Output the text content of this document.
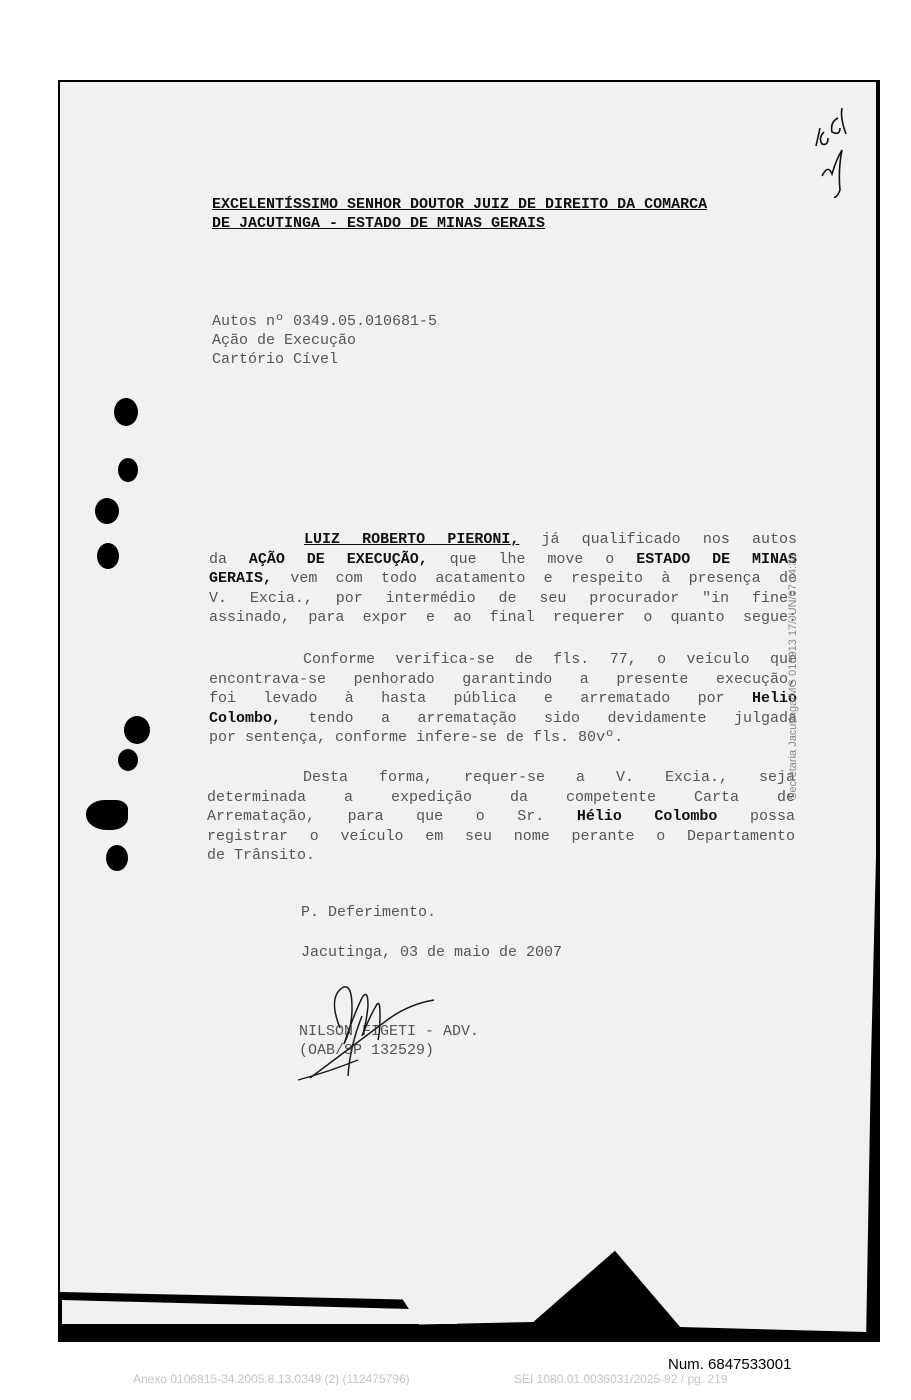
EXCELENTÍSSIMO SENHOR DOUTOR JUIZ DE DIREITO DA COMARCA
DE JACUTINGA - ESTADO DE MINAS GERAIS
Autos nº 0349.05.010681-5
Ação de Execução
Cartório Cível
LUIZ ROBERTO PIERONI, já qualificado nos autos
da AÇÃO DE EXECUÇÃO, que lhe move o ESTADO DE MINAS
GERAIS, vem com todo acatamento e respeito à presença de
V. Excia., por intermédio de seu procurador "in fine"
assinado, para expor e ao final requerer o quanto segue:
Conforme verifica-se de fls. 77, o veículo que
encontrava-se penhorado garantindo a presente execução,
foi levado à hasta pública e arrematado por Helio
Colombo, tendo a arrematação sido devidamente julgada
por sentença, conforme infere-se de fls. 80vº.
Desta forma, requer-se a V. Excia., seja
determinada a expedição da competente Carta de
Arrematação, para que o Sr. Hélio Colombo possa
registrar o veículo em seu nome perante o Departamento
de Trânsito.
P. Deferimento.
Jacutinga, 03 de maio de 2007
NILSON FIGETI - ADV.
(OAB/SP 132529)
Secretaria Jacutinga/MG 016913 17/JUN/07 14:38
Num. 6847533001
Anexo 0106815-34.2005.8.13.0349 (2) (112475796)	SEI 1080.01.0036031/2025-92 / pg. 219
